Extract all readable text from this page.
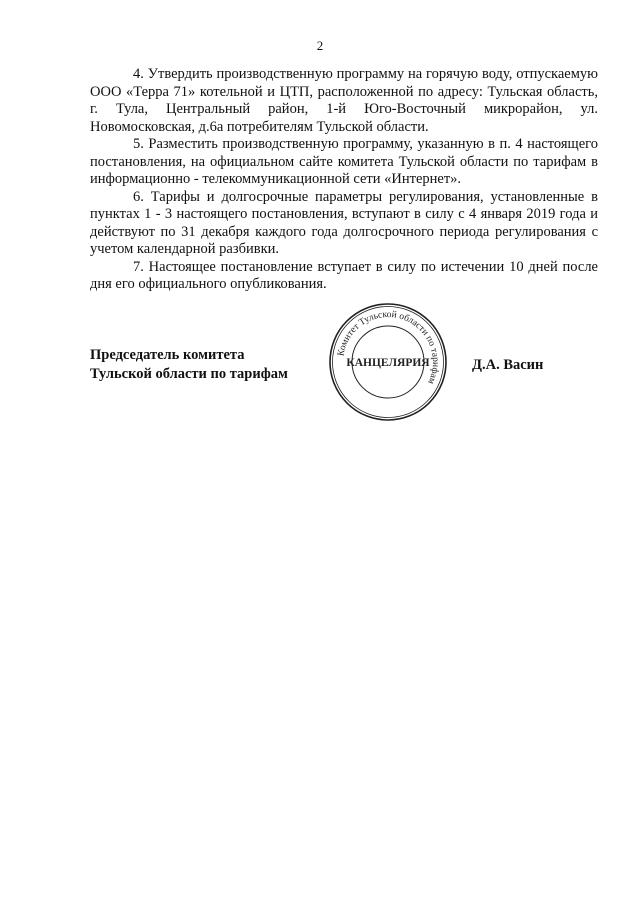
2

4. Утвердить производственную программу на горячую воду, отпускаемую ООО «Терра 71» котельной и ЦТП, расположенной по адресу: Тульская область, г. Тула, Центральный район, 1-й Юго-Восточный микрорайон, ул. Новомосковская, д.6а потребителям Тульской области.

5. Разместить производственную программу, указанную в п. 4 настоящего постановления, на официальном сайте комитета Тульской области по тарифам в информационно - телекоммуникационной сети «Интернет».

6. Тарифы и долгосрочные параметры регулирования, установленные в пунктах 1 - 3 настоящего постановления, вступают в силу с 4 января 2019 года и действуют по 31 декабря каждого года долгосрочного периода регулирования с учетом календарной разбивки.

7. Настоящее постановление вступает в силу по истечении 10 дней после дня его официального опубликования.

Председатель комитета
Тульской области по тарифам
Д.А. Васин
Комитет Тульской области по тарифам
КАНЦЕЛЯРИЯ
